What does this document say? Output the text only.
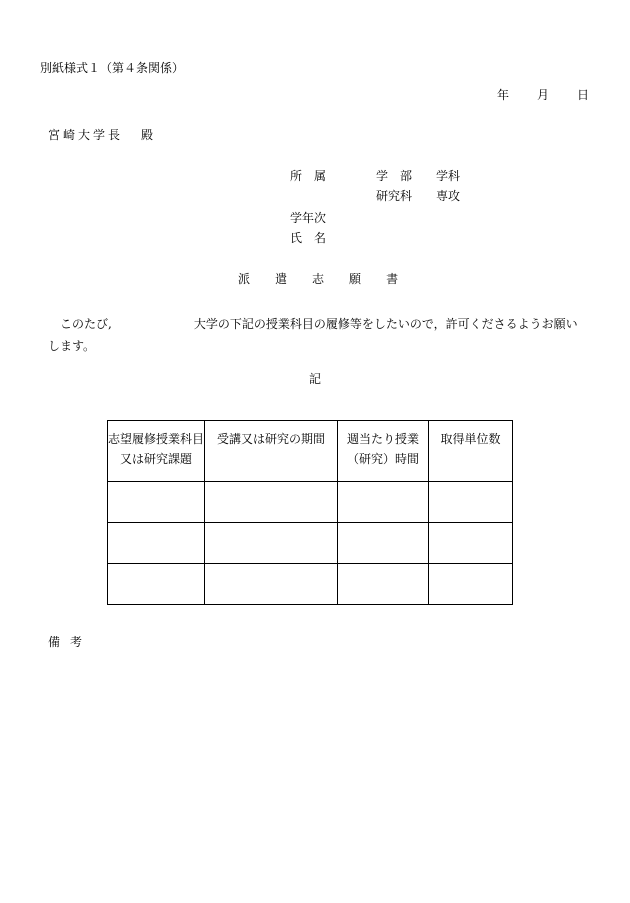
別紙様式１（第４条関係）
年 月 日
宮崎大学長 殿
所　属	学　部　　学科
研究科　　専攻
学年次
氏　名
派 遣 志 願 書
このたび,	大学の下記の授業科目の履修等をしたいので，許可くださるようお願いします。
記
志望履修授業科目又は研究課題	受講又は研究の期間	週当たり授業（研究）時間	取得単位数

備考
